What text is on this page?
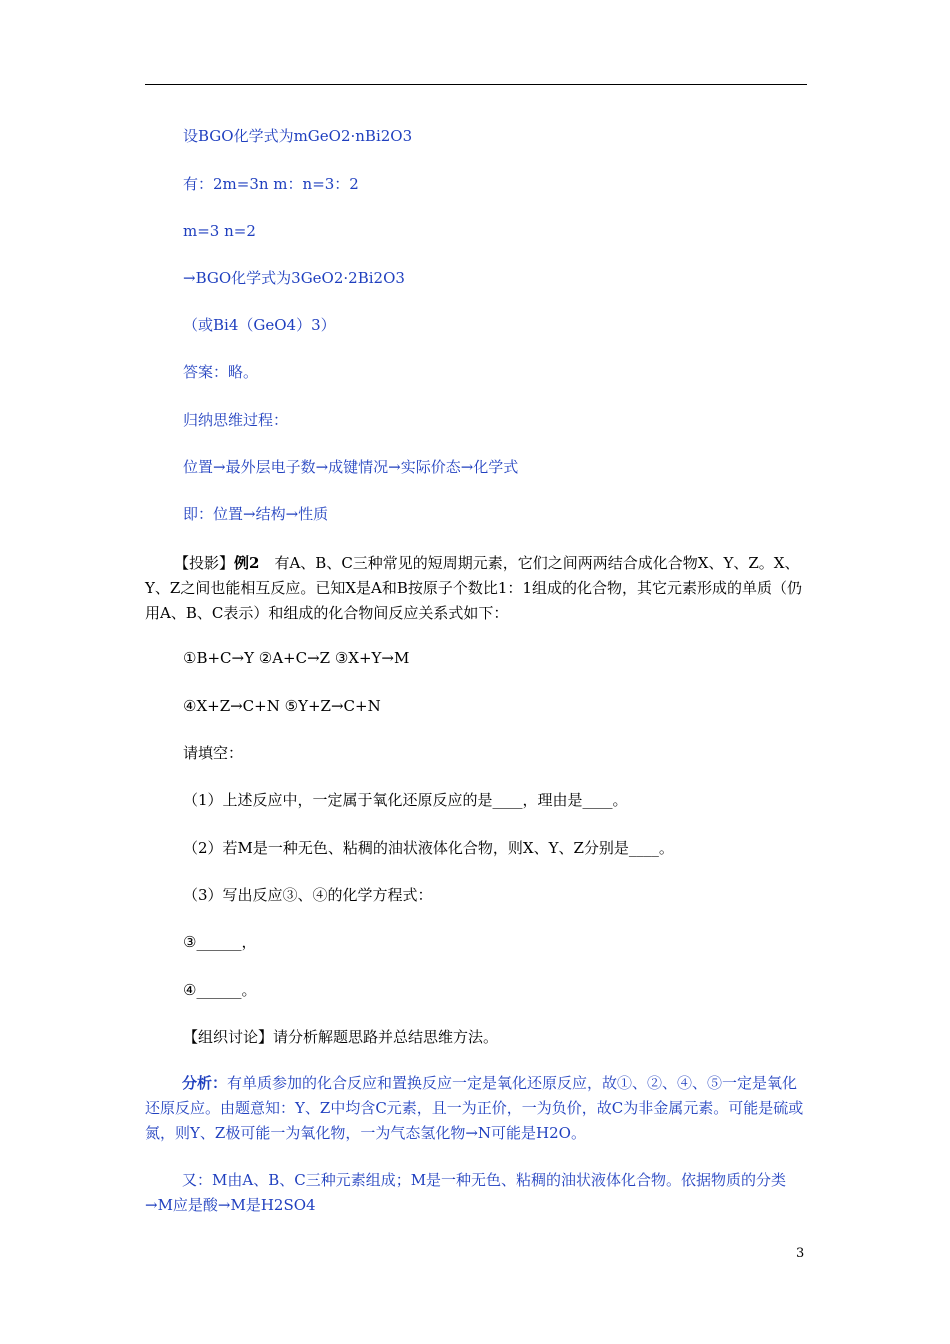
设BGO化学式为mGeO2·nBi2O3
有：2m=3n m：n=3：2
m=3 n=2
→BGO化学式为3GeO2·2Bi2O3
（或Bi4（GeO4）3）
答案：略。
归纳思维过程：
位置→最外层电子数→成键情况→实际价态→化学式
即：位置→结构→性质
【投影】例2　 有A、B、C三种常见的短周期元素，它们之间两两结合成化合物X、Y、Z。X、Y、Z之间也能相互反应。已知X是A和B按原子个数比1：1组成的化合物，其它元素形成的单质（仍用A、B、C表示）和组成的化合物间反应关系式如下：
①B+C→Y ②A+C→Z ③X+Y→M
④X+Z→C+N ⑤Y+Z→C+N
请填空：
（1）上述反应中，一定属于氧化还原反应的是____，理由是____。
（2）若M是一种无色、粘稠的油状液体化合物，则X、Y、Z分别是____。
（3）写出反应③、④的化学方程式：
③______，
④______。
【组织讨论】请分析解题思路并总结思维方法。
分析：有单质参加的化合反应和置换反应一定是氧化还原反应，故①、②、④、⑤一定是氧化还原反应。由题意知：Y、Z中均含C元素，且一为正价，一为负价，故C为非金属元素。可能是硫或氮，则Y、Z极可能一为氧化物，一为气态氢化物→N可能是H2O。
又：M由A、B、C三种元素组成；M是一种无色、粘稠的油状液体化合物。依据物质的分类→M应是酸→M是H2SO4
3
